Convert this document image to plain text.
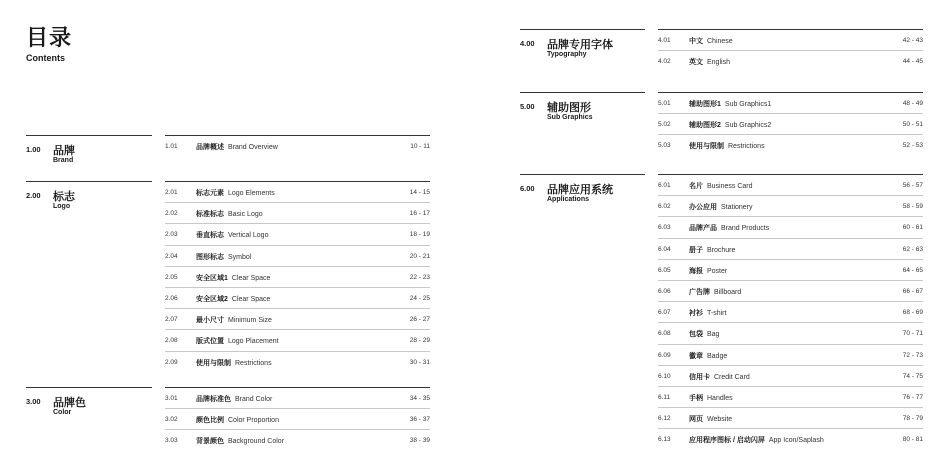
目录
Contents
1.00 品牌
Brand
1.01	品牌概述 Brand Overview	10 - 11
2.00 标志
Logo
2.01	标志元素 Logo Elements	14 - 15
2.02	标准标志 Basic Logo	16 - 17
2.03	垂直标志 Vertical Logo	18 - 19
2.04	图形标志 Symbol	20 - 21
2.05	安全区域1 Clear Space	22 - 23
2.06	安全区域2 Clear Space	24 - 25
2.07	最小尺寸 Minimum Size	26 - 27
2.08	版式位置 Logo Placement	28 - 29
2.09	使用与限制 Restrictions	30 - 31
3.00 品牌色
Color
3.01	品牌标准色 Brand Color	34 - 35
3.02	颜色比例 Color Proportion	36 - 37
3.03	背景颜色 Background Color	38 - 39
4.00 品牌专用字体
Typography
4.01	中文 Chinese	42 - 43
4.02	英文 English	44 - 45
5.00 辅助图形
Sub Graphics
5.01	辅助图形1 Sub Graphics1	48 - 49
5.02	辅助图形2 Sub Graphics2	50 - 51
5.03	使用与限制 Restrictions	52 - 53
6.00 品牌应用系统
Applications
6.01	名片 Business Card	56 - 57
6.02	办公应用 Stationery	58 - 59
6.03	品牌产品 Brand Products	60 - 61
6.04	册子 Brochure	62 - 63
6.05	海报 Poster	64 - 65
6.06	广告牌 Billboard	66 - 67
6.07	衬衫 T-shirt	68 - 69
6.08	包袋 Bag	70 - 71
6.09	徽章 Badge	72 - 73
6.10	信用卡 Credit Card	74 - 75
6.11	手柄 Handles	76 - 77
6.12	网页 Website	78 - 79
6.13	应用程序图标 / 启动闪屏 App Icon/Saplash	80 - 81
